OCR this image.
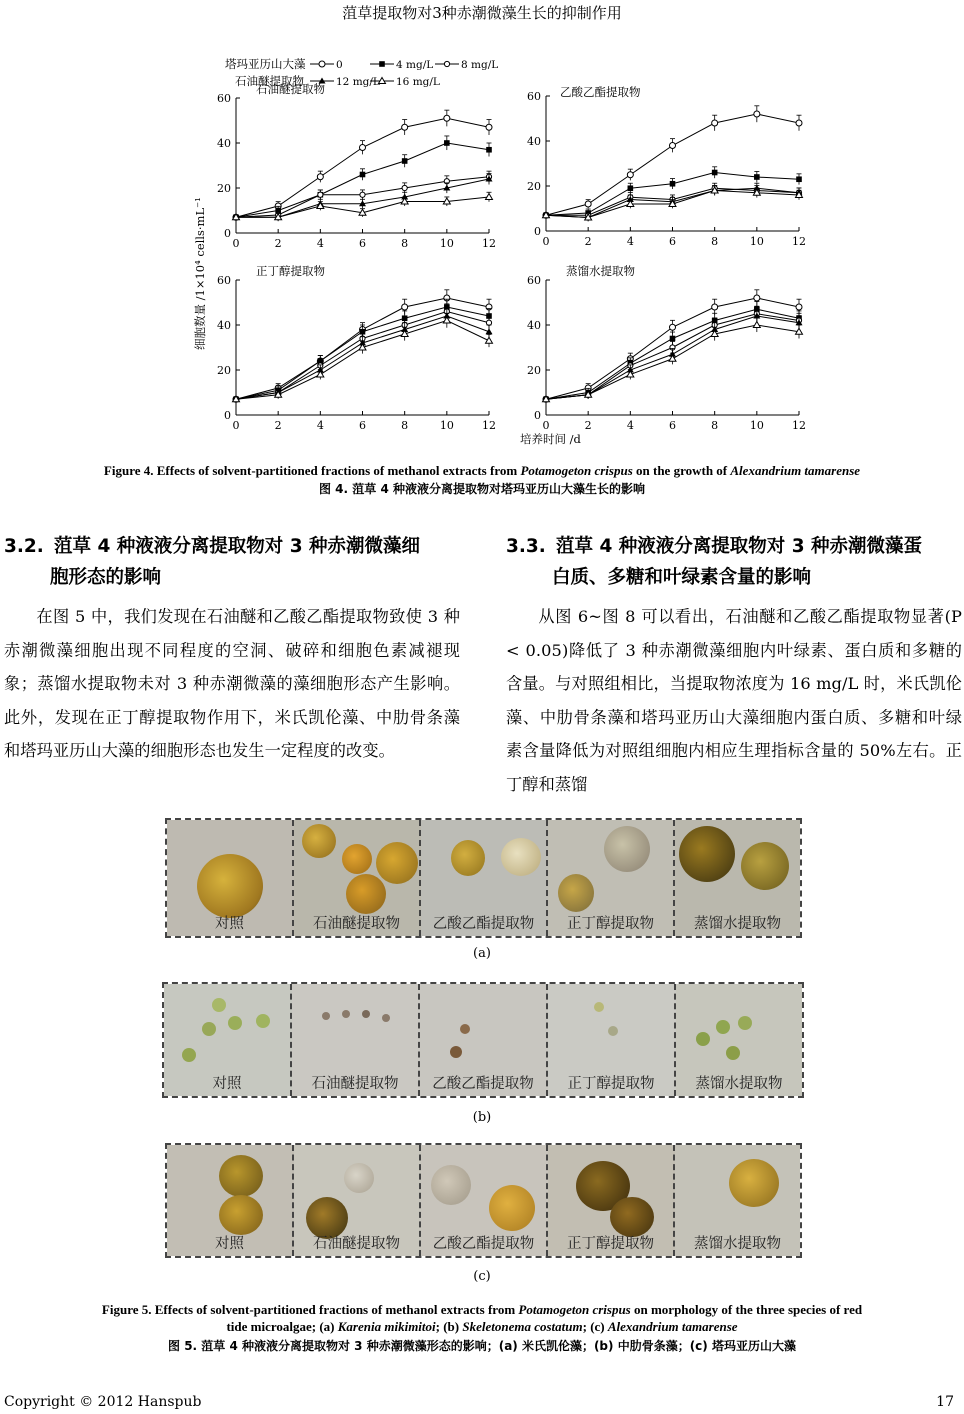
菹草提取物对3种赤潮微藻生长的抑制作用
塔玛亚历山大藻
石油醚提取物
0	4 mg/L	8 mg/L
12 mg/L 16 mg/L
细胞数量 /1×10⁴ cells·mL⁻¹
培养时间 /d
0
20
40
60
0	2	4	6	8	10	12
石油醚提取物
0
20
40
60
0	2	4	6	8	10	12
乙酸乙酯提取物
0
20
40
60
0	2	4	6	8	10	12
正丁醇提取物
0
20
40
60
0	2	4	6	8	10	12
蒸馏水提取物
Figure 4. Effects of solvent-partitioned fractions of methanol extracts from Potamogeton crispus on the growth of Alexandrium tamarense
图 4. 菹草 4 种液液分离提取物对塔玛亚历山大藻生长的影响
3.2. 菹草 4 种液液分离提取物对 3 种赤潮微藻细
胞形态的影响

在图 5 中，我们发现在石油醚和乙酸乙酯提取物致使 3 种赤潮微藻细胞出现不同程度的空洞、破碎和细胞色素减褪现象；蒸馏水提取物未对 3 种赤潮微藻的藻细胞形态产生影响。此外，发现在正丁醇提取物作用下，米氏凯伦藻、中肋骨条藻和塔玛亚历山大藻的细胞形态也发生一定程度的改变。

3.3. 菹草 4 种液液分离提取物对 3 种赤潮微藻蛋
白质、多糖和叶绿素含量的影响

从图 6~图 8 可以看出，石油醚和乙酸乙酯提取物显著(P < 0.05)降低了 3 种赤潮微藻细胞内叶绿素、蛋白质和多糖的含量。与对照组相比，当提取物浓度为 16 mg/L 时，米氏凯伦藻、中肋骨条藻和塔玛亚历山大藻细胞内蛋白质、多糖和叶绿素含量降低为对照组细胞内相应生理指标含量的 50%左右。正丁醇和蒸馏

对照	石油醚提取物	乙酸乙酯提取物	正丁醇提取物	蒸馏水提取物
(a)
对照	石油醚提取物	乙酸乙酯提取物	正丁醇提取物	蒸馏水提取物
(b)
对照	石油醚提取物	乙酸乙酯提取物	正丁醇提取物	蒸馏水提取物
(c)
Figure 5. Effects of solvent-partitioned fractions of methanol extracts from Potamogeton crispus on morphology of the three species of red
tide microalgae; (a) Karenia mikimitoi; (b) Skeletonema costatum; (c) Alexandrium tamarense
图 5. 菹草 4 种液液分离提取物对 3 种赤潮微藻形态的影响；(a) 米氏凯伦藻；(b) 中肋骨条藻；(c) 塔玛亚历山大藻
Copyright © 2012 Hanspub	17
